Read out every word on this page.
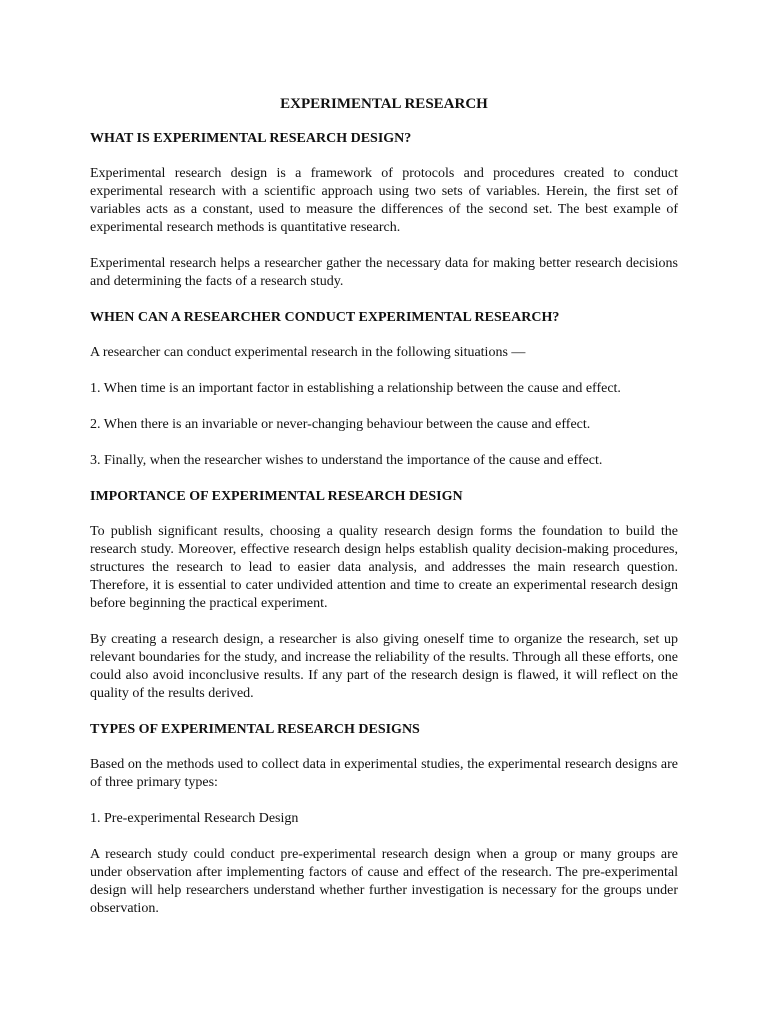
EXPERIMENTAL RESEARCH
WHAT IS EXPERIMENTAL RESEARCH DESIGN?

Experimental research design is a framework of protocols and procedures created to conduct experimental research with a scientific approach using two sets of variables. Herein, the first set of variables acts as a constant, used to measure the differences of the second set. The best example of experimental research methods is quantitative research.

Experimental research helps a researcher gather the necessary data for making better research decisions and determining the facts of a research study.

WHEN CAN A RESEARCHER CONDUCT EXPERIMENTAL RESEARCH?

A researcher can conduct experimental research in the following situations —

1. When time is an important factor in establishing a relationship between the cause and effect.

2. When there is an invariable or never-changing behaviour between the cause and effect.

3. Finally, when the researcher wishes to understand the importance of the cause and effect.

IMPORTANCE OF EXPERIMENTAL RESEARCH DESIGN

To publish significant results, choosing a quality research design forms the foundation to build the research study. Moreover, effective research design helps establish quality decision-making procedures, structures the research to lead to easier data analysis, and addresses the main research question. Therefore, it is essential to cater undivided attention and time to create an experimental research design before beginning the practical experiment.

By creating a research design, a researcher is also giving oneself time to organize the research, set up relevant boundaries for the study, and increase the reliability of the results. Through all these efforts, one could also avoid inconclusive results. If any part of the research design is flawed, it will reflect on the quality of the results derived.

TYPES OF EXPERIMENTAL RESEARCH DESIGNS

Based on the methods used to collect data in experimental studies, the experimental research designs are of three primary types:

1. Pre-experimental Research Design

A research study could conduct pre-experimental research design when a group or many groups are under observation after implementing factors of cause and effect of the research. The pre-experimental design will help researchers understand whether further investigation is necessary for the groups under observation.
